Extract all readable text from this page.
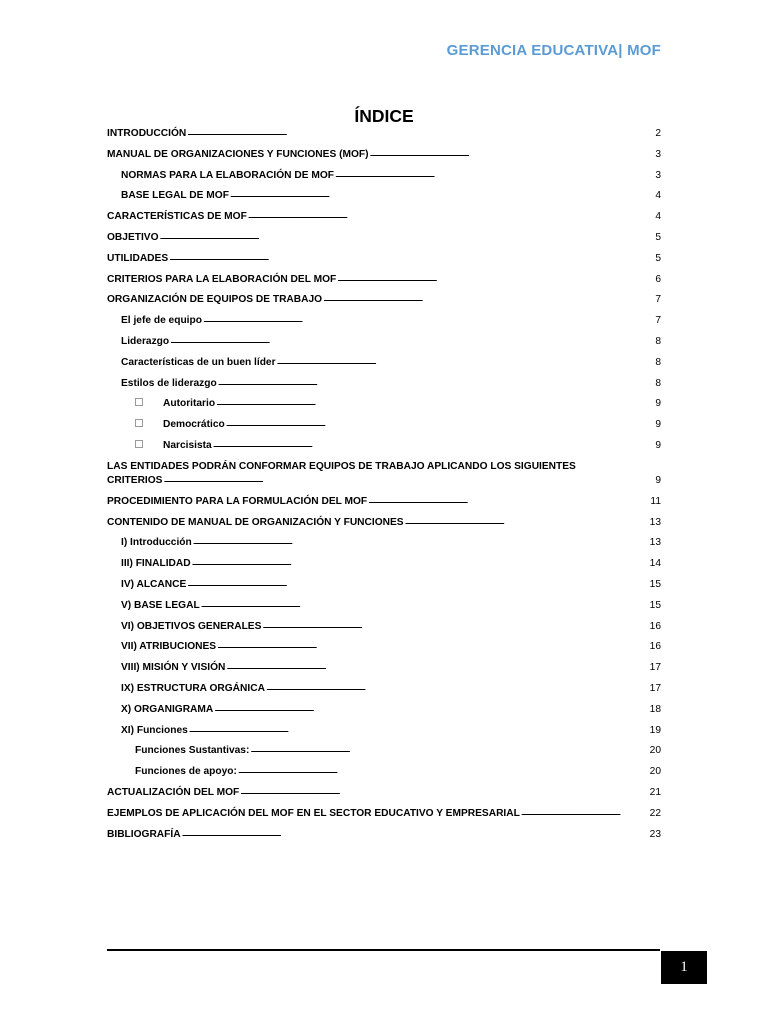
GERENCIA EDUCATIVA| MOF
ÍNDICE
INTRODUCCIÓN . . .	2
MANUAL DE ORGANIZACIONES Y FUNCIONES (MOF) . . .	3
NORMAS PARA LA ELABORACIÓN DE MOF . . .	3
BASE LEGAL DE MOF . . .	4
CARACTERÍSTICAS DE MOF . . .	4
OBJETIVO . . .	5
UTILIDADES . . .	5
CRITERIOS PARA LA ELABORACIÓN DEL MOF . . .	6
ORGANIZACIÓN DE EQUIPOS DE TRABAJO . . .	7
El jefe de equipo . . .	7
Liderazgo . . .	8
Características de un buen líder . . .	8
Estilos de liderazgo . . .	8
Autoritario . . .	9
Democrático . . .	9
Narcisista . . .	9
LAS ENTIDADES PODRÁN CONFORMAR EQUIPOS DE TRABAJO APLICANDO LOS SIGUIENTES
CRITERIOS . . .	9
PROCEDIMIENTO PARA LA FORMULACIÓN DEL MOF . . .	11
CONTENIDO DE MANUAL DE ORGANIZACIÓN Y FUNCIONES . . .	13
I) Introducción . . .	13
III) FINALIDAD . . .	14
IV) ALCANCE . . .	15
V) BASE LEGAL . . .	15
VI) OBJETIVOS GENERALES . . .	16
VII) ATRIBUCIONES . . .	16
VIII) MISIÓN Y VISIÓN . . .	17
IX) ESTRUCTURA ORGÁNICA . . .	17
X) ORGANIGRAMA . . .	18
XI) Funciones . . .	19
Funciones Sustantivas: . . .	20
Funciones de apoyo: . . .	20
ACTUALIZACIÓN DEL MOF . . .	21
EJEMPLOS DE APLICACIÓN DEL MOF EN EL SECTOR EDUCATIVO Y EMPRESARIAL . . .	22
BIBLIOGRAFÍA . . .	23
1
